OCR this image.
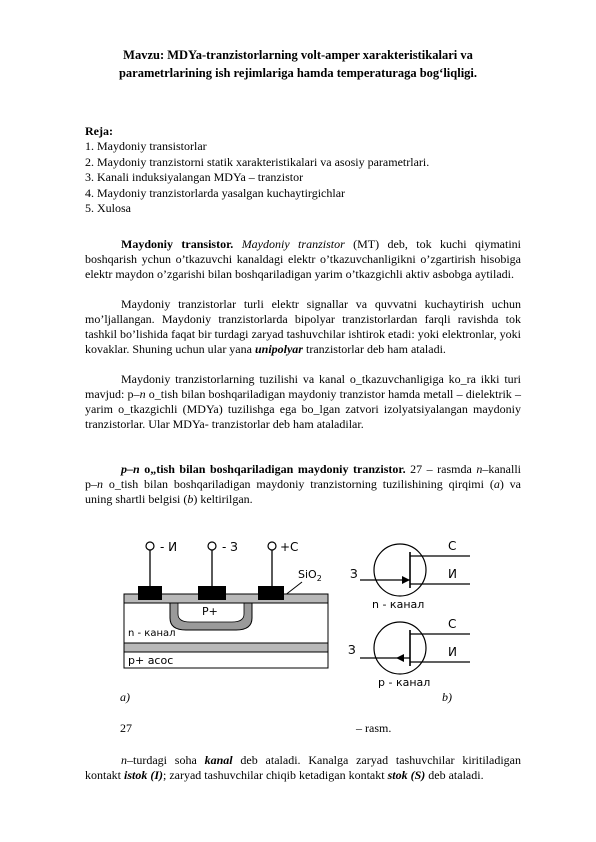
Mavzu: MDYa-tranzistorlarning volt-amper xarakteristikalari va
parametrlarining ish rejimlariga hamda temperaturaga bog‘liqligi.
Reja:
1. Maydoniy transistorlar
2. Maydoniy tranzistorni statik xarakteristikalari va asosiy parametrlari.
3. Kanali induksiyalangan MDYa – tranzistor
4. Maydoniy tranzistorlarda yasalgan kuchaytirgichlar
5. Xulosa

Maydoniy transistor. Maydoniy tranzistor (MT) deb, tok kuchi qiymatini boshqarish ychun o’tkazuvchi kanaldagi elektr o’tkazuvchanligikni o’zgartirish hisobiga elektr maydon o’zgarishi bilan boshqariladigan yarim o’tkazgichli aktiv asbobga aytiladi.

Maydoniy tranzistorlar turli elektr signallar va quvvatni kuchaytirish uchun mo’ljallangan. Maydoniy tranzistorlarda bipolyar tranzistorlardan farqli ravishda tok tashkil bo’lishida faqat bir turdagi zaryad tashuvchilar ishtirok etadi: yoki elektronlar, yoki kovaklar. Shuning uchun ular yana unipolyar tranzistorlar deb ham ataladi.

Maydoniy tranzistorlarning tuzilishi va kanal o_tkazuvchanligiga ko_ra ikki turi mavjud: p–n o_tish bilan boshqariladigan maydoniy tranzistor hamda metall – dielektrik – yarim o_tkazgichli (MDYa) tuzilishga ega bo_lgan zatvori izolyatsiyalangan maydoniy tranzistorlar. Ular MDYa- tranzistorlar deb ham ataladilar.

p–n o„tish bilan boshqariladigan maydoniy tranzistor. 27 – rasmda n–kanalli p–n o_tish bilan boshqariladigan maydoniy tranzistorning tuzilishining qirqimi (a) va uning shartli belgisi (b) keltirilgan.

- И	- З	+С
SiO$_2$
P+
n - канал
p+ асос
С
З	И
n - канал
С
З	И
p - канал
a)	b)
27	– rasm.

n–turdagi soha kanal deb ataladi. Kanalga zaryad tashuvchilar kiritiladigan kontakt istok (I); zaryad tashuvchilar chiqib ketadigan kontakt stok (S) deb ataladi.
